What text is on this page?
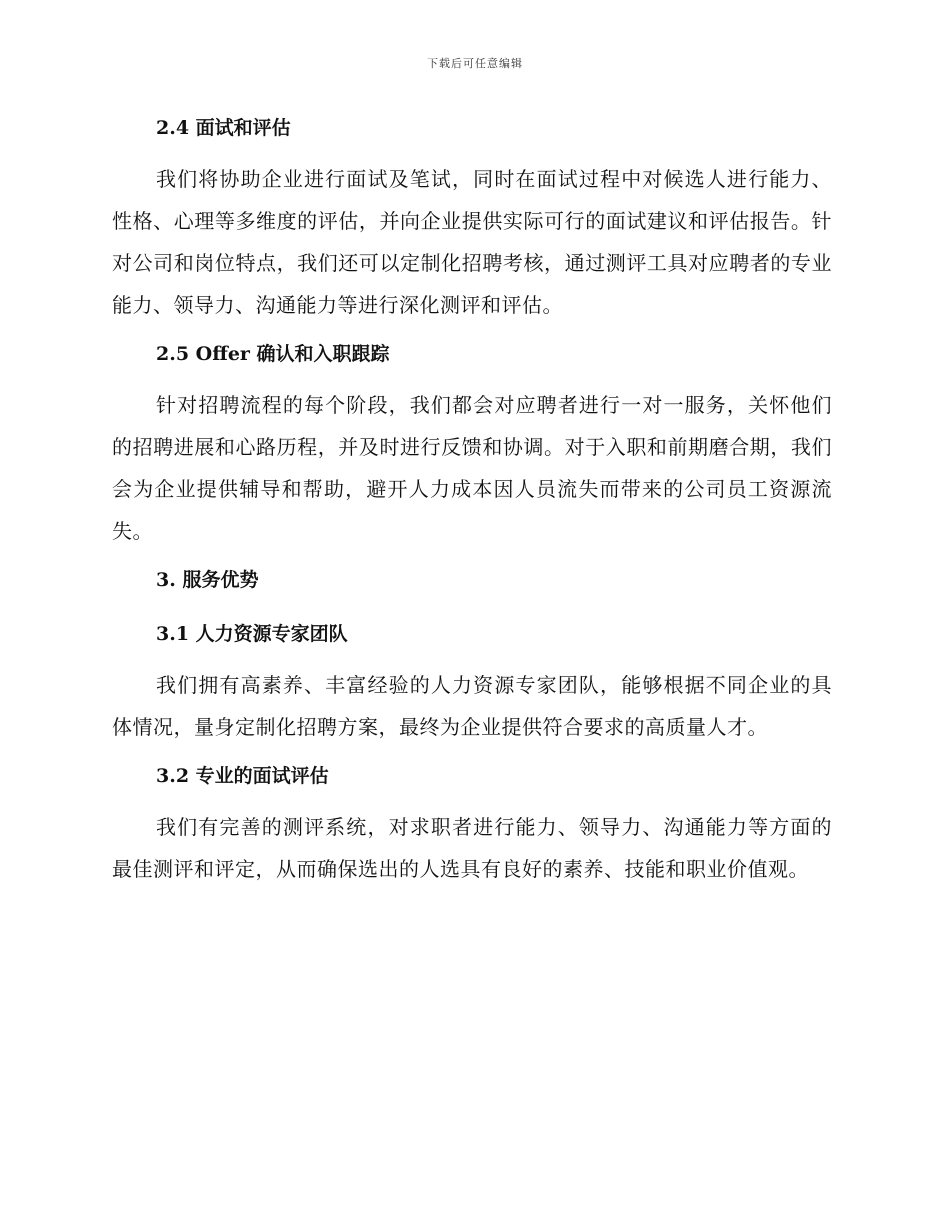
下载后可任意编辑
2.4 面试和评估

我们将协助企业进行面试及笔试，同时在面试过程中对候选人进行能力、性格、心理等多维度的评估，并向企业提供实际可行的面试建议和评估报告。针对公司和岗位特点，我们还可以定制化招聘考核，通过测评工具对应聘者的专业能力、领导力、沟通能力等进行深化测评和评估。

2.5 Offer 确认和入职跟踪

针对招聘流程的每个阶段，我们都会对应聘者进行一对一服务，关怀他们的招聘进展和心路历程，并及时进行反馈和协调。对于入职和前期磨合期，我们会为企业提供辅导和帮助，避开人力成本因人员流失而带来的公司员工资源流失。

3. 服务优势
3.1 人力资源专家团队

我们拥有高素养、丰富经验的人力资源专家团队，能够根据不同企业的具体情况，量身定制化招聘方案，最终为企业提供符合要求的高质量人才。

3.2 专业的面试评估

我们有完善的测评系统，对求职者进行能力、领导力、沟通能力等方面的最佳测评和评定，从而确保选出的人选具有良好的素养、技能和职业价值观。
